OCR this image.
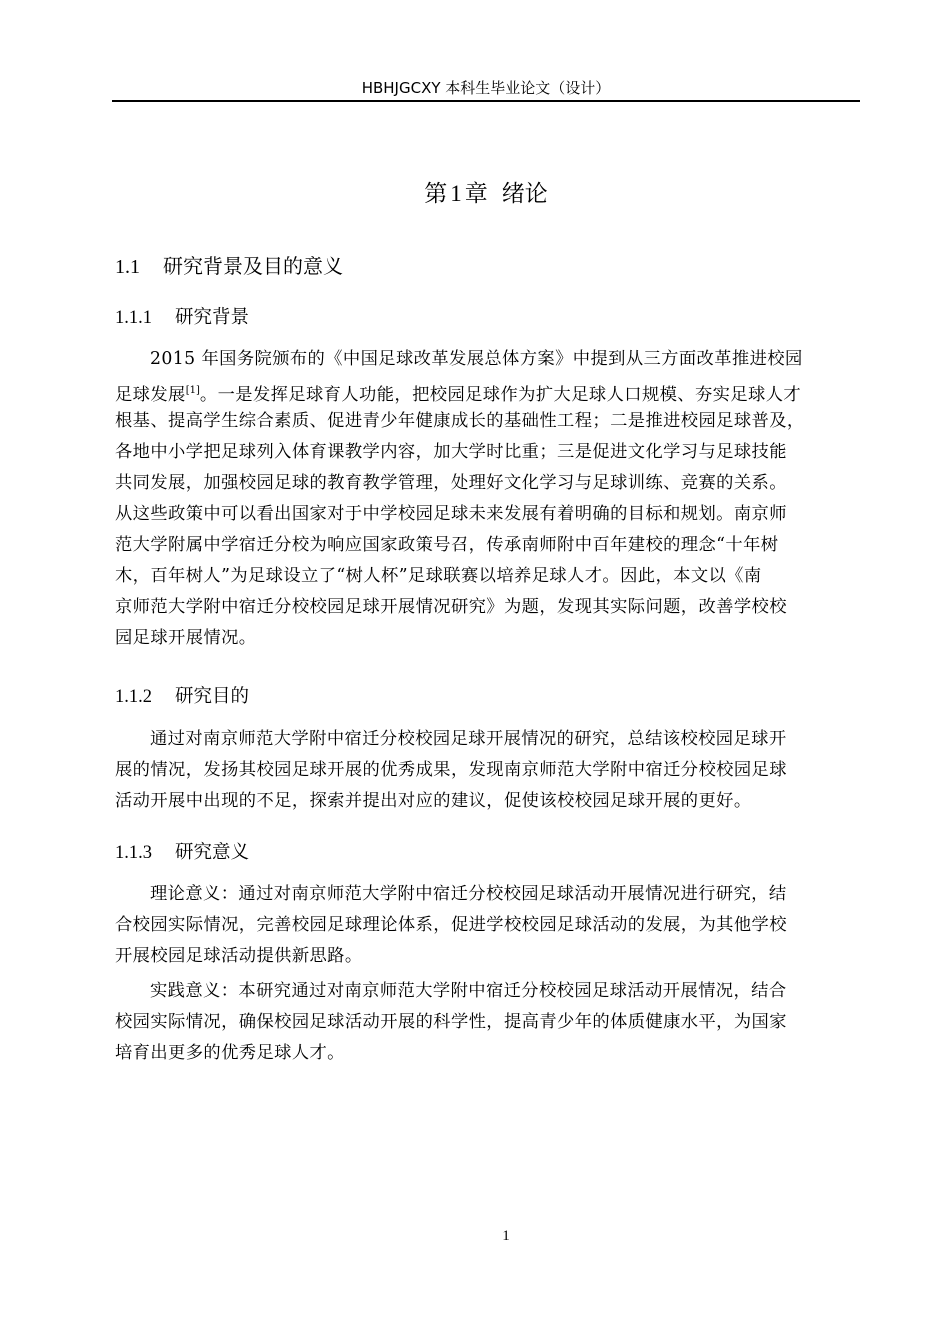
HBHJGCXY 本科生毕业论文（设计）
第 1 章 绪论
1.1 研究背景及目的意义
1.1.1 研究背景
2015 年国务院颁布的《中国足球改革发展总体方案》中提到从三方面改革推进校园
足球发展[1]。一是发挥足球育人功能，把校园足球作为扩大足球人口规模、夯实足球人才
根基、提高学生综合素质、促进青少年健康成长的基础性工程；二是推进校园足球普及，
各地中小学把足球列入体育课教学内容，加大学时比重；三是促进文化学习与足球技能
共同发展，加强校园足球的教育教学管理，处理好文化学习与足球训练、竞赛的关系。
从这些政策中可以看出国家对于中学校园足球未来发展有着明确的目标和规划。南京师
范大学附属中学宿迁分校为响应国家政策号召，传承南师附中百年建校的理念“十年树
木，百年树人”为足球设立了“树人杯”足球联赛以培养足球人才。因此，本文以《南
京师范大学附中宿迁分校校园足球开展情况研究》为题，发现其实际问题，改善学校校
园足球开展情况。
1.1.2 研究目的
通过对南京师范大学附中宿迁分校校园足球开展情况的研究，总结该校校园足球开
展的情况，发扬其校园足球开展的优秀成果，发现南京师范大学附中宿迁分校校园足球
活动开展中出现的不足，探索并提出对应的建议，促使该校校园足球开展的更好。
1.1.3 研究意义
理论意义：通过对南京师范大学附中宿迁分校校园足球活动开展情况进行研究，结
合校园实际情况，完善校园足球理论体系，促进学校校园足球活动的发展，为其他学校
开展校园足球活动提供新思路。
实践意义：本研究通过对南京师范大学附中宿迁分校校园足球活动开展情况，结合
校园实际情况，确保校园足球活动开展的科学性，提高青少年的体质健康水平，为国家
培育出更多的优秀足球人才。
1
